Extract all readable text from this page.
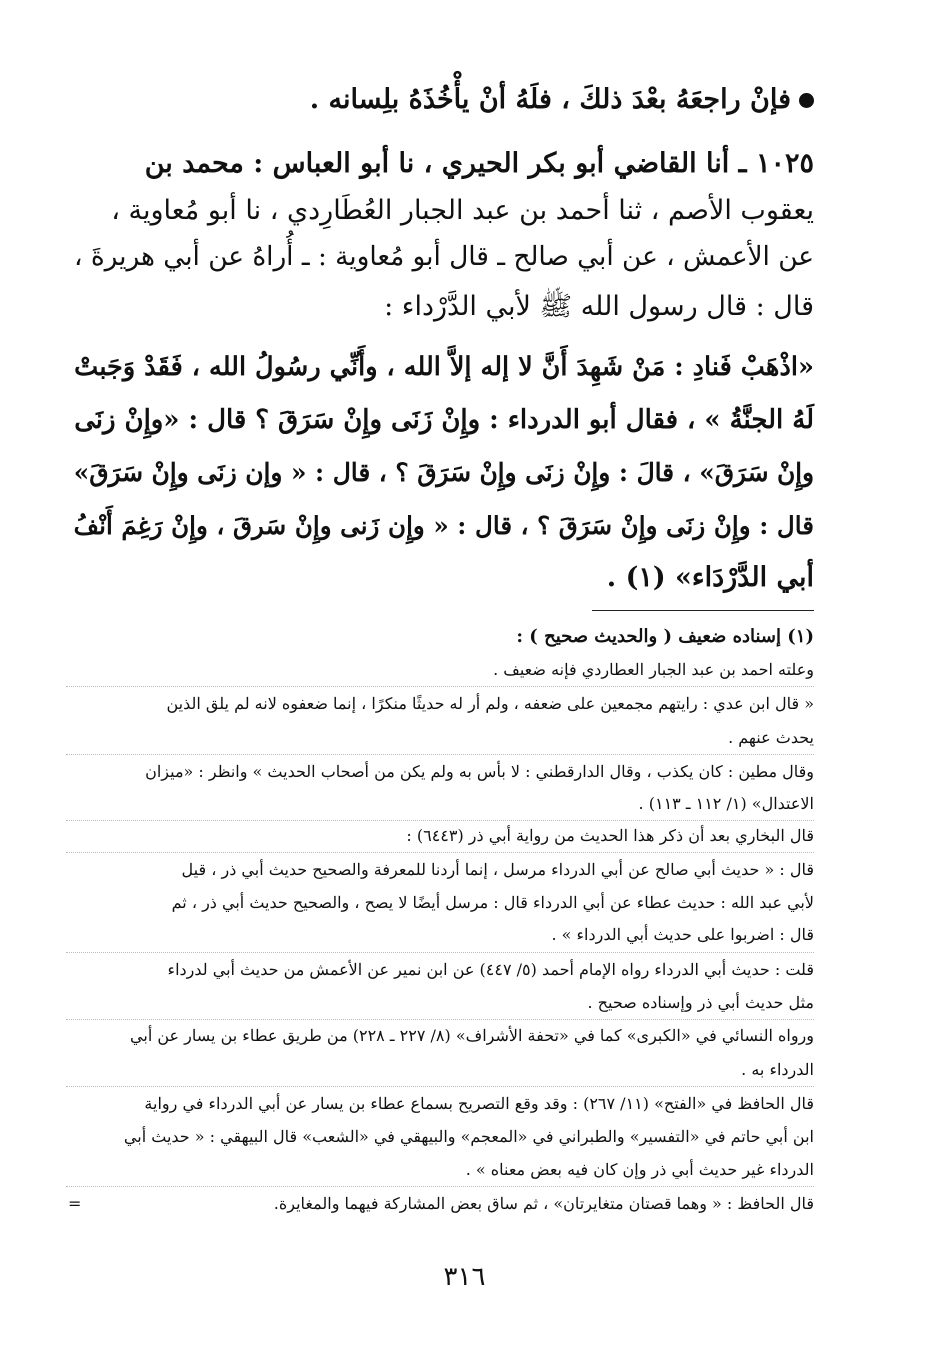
فإنْ راجعَهُ بعْدَ ذلكَ ، فلَهُ أنْ يأْخُذَهُ بلِسانه .
١٠٢٥ ـ أنا القاضي أبو بكر الحيري ، نا أبو العباس : محمد بن
يعقوب الأصم ، ثنا أحمد بن عبد الجبار العُطَارِدي ، نا أبو مُعاوية ،
عن الأعمش ، عن أبي صالح ـ قال أبو مُعاوية : ـ أُراهُ عن أبي هريرةَ ،
قال : قال رسول الله ﷺ لأبي الدَّرْداء :
«اذْهَبْ فَنادِ : مَنْ شَهِدَ أَنَّ لا إله إلاَّ الله ، وأَنِّي رسُولُ الله ، فَقَدْ وَجَبتْ
لَهُ الجنَّةُ » ، فقال أبو الدرداء : وإِنْ زَنَى وإِنْ سَرَقَ ؟ قال : «وإِنْ زنَى
وإِنْ سَرَقَ» ، قالَ : وإِنْ زنَى وإِنْ سَرَقَ ؟ ، قال : « وإن زنَى وإِنْ سَرَقَ»
قال : وإِنْ زنَى وإِنْ سَرَقَ ؟ ، قال : « وإِن زَنى وإِنْ سَرقَ ، وإِنْ رَغِمَ أَنْفُ
أبي الدَّرْدَاء» (١) .
(١) إسناده ضعيف ( والحديث صحيح ) :
وعلته احمد بن عبد الجبار العطاردي فإنه ضعيف .
« قال ابن عدي : رايتهم مجمعين على ضعفه ، ولم أر له حديثًا منكرًا ، إنما ضعفوه لانه لم يلق الذين
يحدث عنهم .
وقال مطين : كان يكذب ، وقال الدارقطني : لا بأس به ولم يكن من أصحاب الحديث » وانظر : «ميزان
الاعتدال» (١/ ١١٢ ـ ١١٣) .
قال البخاري بعد أن ذكر هذا الحديث من رواية أبي ذر (٦٤٤٣) :
قال : « حديث أبي صالح عن أبي الدرداء مرسل ، إنما أردنا للمعرفة والصحيح حديث أبي ذر ، قيل
لأبي عبد الله : حديث عطاء عن أبي الدرداء قال : مرسل أيضًا لا يصح ، والصحيح حديث أبي ذر ، ثم
قال : اضربوا على حديث أبي الدرداء » .
قلت : حديث أبي الدرداء رواه الإمام أحمد (٥/ ٤٤٧) عن ابن نمير عن الأعمش من حديث أبي لدرداء
مثل حديث أبي ذر وإسناده صحيح .
ورواه النسائي في «الكبرى» كما في «تحفة الأشراف» (٨/ ٢٢٧ ـ ٢٢٨) من طريق عطاء بن يسار عن أبي
الدرداء به .
قال الحافظ في «الفتح» (١١/ ٢٦٧) : وقد وقع التصريح بسماع عطاء بن يسار عن أبي الدرداء في رواية
ابن أبي حاتم في «التفسير» والطبراني في «المعجم» والبيهقي في «الشعب» قال البيهقي : « حديث أبي
الدرداء غير حديث أبي ذر وإن كان فيه بعض معناه » .
قال الحافظ : « وهما قصتان متغايرتان» ، ثم ساق بعض المشاركة فيهما والمغايرة.
=
٣١٦
